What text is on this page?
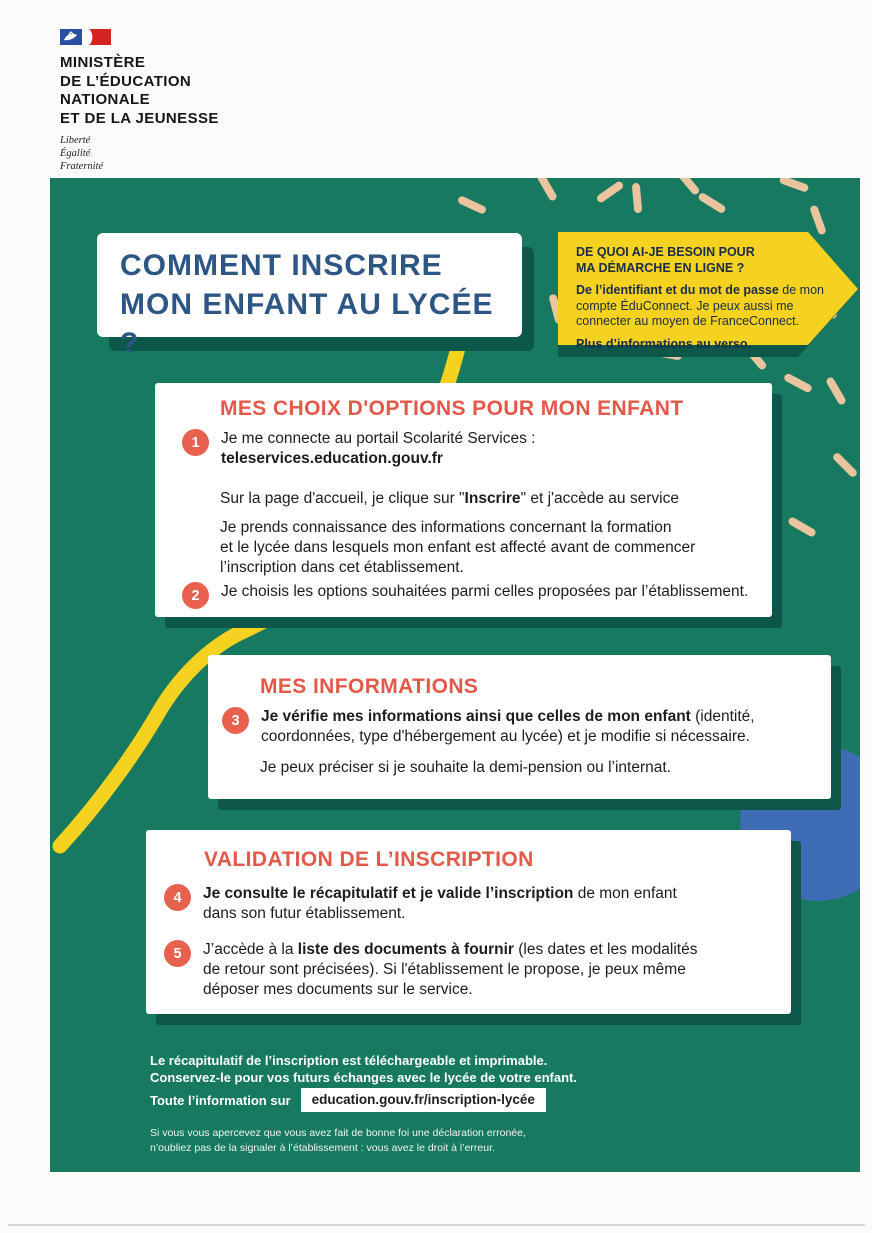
MINISTÈRE
DE L’ÉDUCATION
NATIONALE
ET DE LA JEUNESSE
Liberté
Égalité
Fraternité
COMMENT INSCRIRE
MON ENFANT AU LYCÉE ?
DE QUOI AI-JE BESOIN POUR
MA DÉMARCHE EN LIGNE ?
De l’identifiant et du mot de passe de mon
compte ÉduConnect. Je peux aussi me
connecter au moyen de FranceConnect.
Plus d’informations au verso.
MES CHOIX D'OPTIONS POUR MON ENFANT
1	Je me connecte au portail Scolarité Services :
teleservices.education.gouv.fr
Sur la page d'accueil, je clique sur "Inscrire" et j'accède au service
Je prends connaissance des informations concernant la formation
et le lycée dans lesquels mon enfant est affecté avant de commencer
l’inscription dans cet établissement.
2	Je choisis les options souhaitées parmi celles proposées par l’établissement.
MES INFORMATIONS
3	Je vérifie mes informations ainsi que celles de mon enfant (identité,
coordonnées, type d'hébergement au lycée) et je modifie si nécessaire.
Je peux préciser si je souhaite la demi-pension ou l’internat.
VALIDATION DE L’INSCRIPTION
4	Je consulte le récapitulatif et je valide l’inscription de mon enfant
dans son futur établissement.
5	J’accède à la liste des documents à fournir (les dates et les modalités
de retour sont précisées). Si l'établissement le propose, je peux même
déposer mes documents sur le service.
Le récapitulatif de l’inscription est téléchargeable et imprimable.
Conservez-le pour vos futurs échanges avec le lycée de votre enfant.
Toute l’information sur	education.gouv.fr/inscription-lycée
Si vous vous apercevez que vous avez fait de bonne foi une déclaration erronée,
n’oubliez pas de la signaler à l’établissement : vous avez le droit à l’erreur.
